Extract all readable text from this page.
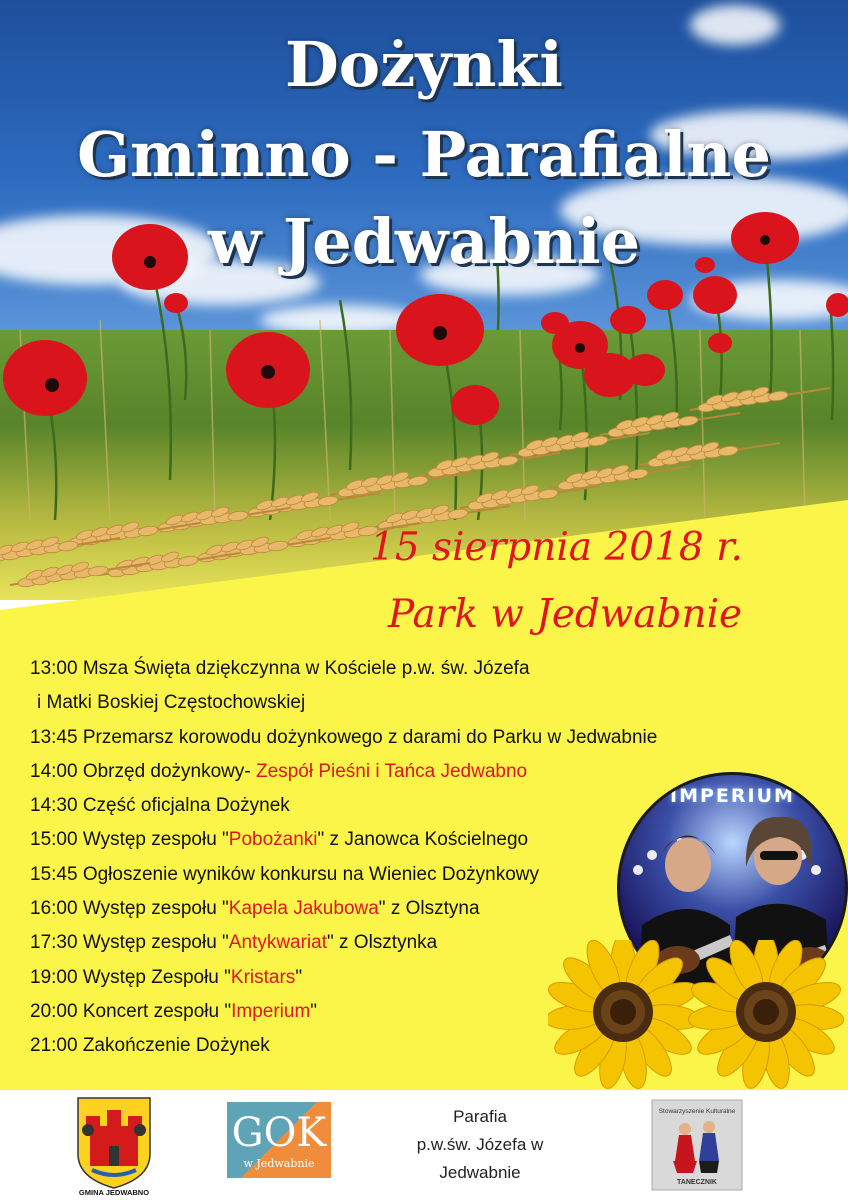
Dożynki
Gminno - Parafialne
w Jedwabnie
15 sierpnia 2018 r.
Park w Jedwabnie
13:00 Msza Święta dziękczynna w Kościele p.w. św. Józefa
i Matki Boskiej Częstochowskiej
13:45 Przemarsz korowodu dożynkowego z darami do Parku w Jedwabnie
14:00 Obrzęd dożynkowy- Zespół Pieśni i Tańca Jedwabno
14:30 Część oficjalna Dożynek
15:00 Występ zespołu "Pobożanki" z Janowca Kościelnego
15:45 Ogłoszenie wyników konkursu na Wieniec Dożynkowy
16:00 Występ zespołu "Kapela Jakubowa" z Olsztyna
17:30 Występ zespołu "Antykwariat" z Olsztynka
19:00 Występ Zespołu "Kristars"
20:00 Koncert zespołu "Imperium"
21:00 Zakończenie Dożynek
IMPERIUM
GMINA JEDWABNO
GOK
w Jedwabnie
Parafia
p.w.św. Józefa w
Jedwabnie
Stowarzyszenie Kulturalne
TANECZNIK
